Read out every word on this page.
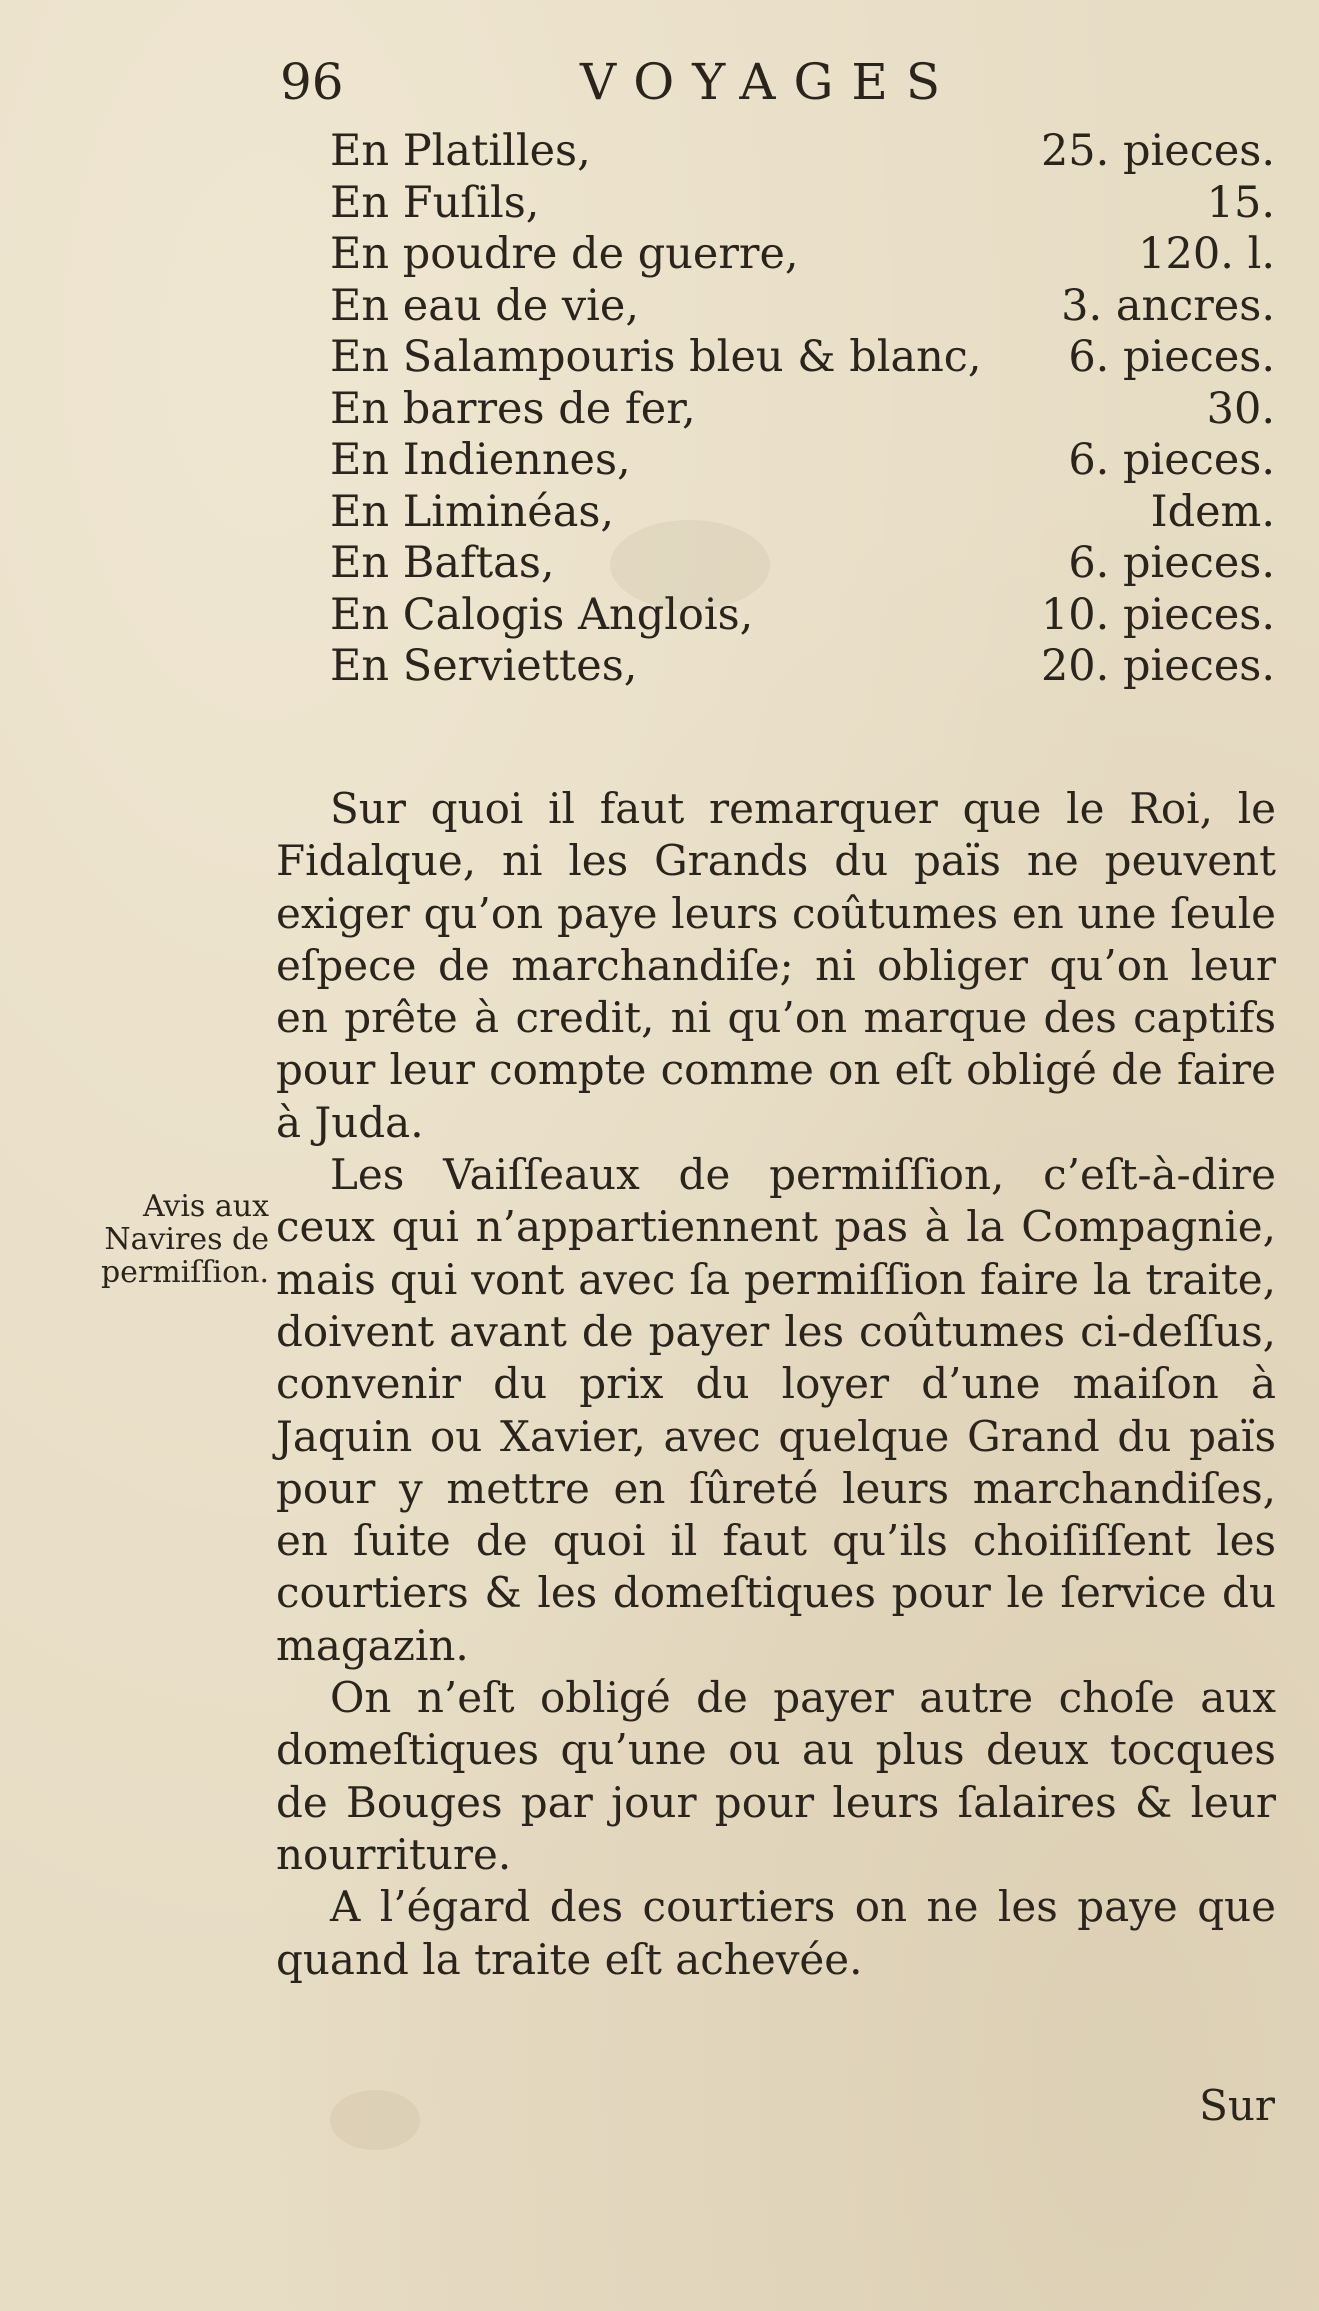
96	VOYAGES
En Platilles,	25. pieces.
En Fuſils,	15.
En poudre de guerre,	120. l.
En eau de vie,	3. ancres.
En Salampouris bleu & blanc, 6. pieces.
En barres de fer,	30.
En Indiennes,	6. pieces.
En Liminéas,	Idem.
En Baftas,	6. pieces.
En Calogis Anglois,	10. pieces.
En Serviettes,	20. pieces.
Avis aux
Navires de
permiſſion.

Sur quoi il faut remarquer que le Roi, le Fidalque, ni les Grands du païs ne peuvent exiger qu’on paye leurs coûtumes en une ſeule eſpece de marchandiſe; ni obliger qu’on leur en prête à credit, ni qu’on marque des captifs pour leur compte comme on eſt obligé de faire à Juda.

Les Vaiſſeaux de permiſſion, c’eſt-à-dire ceux qui n’appartiennent pas à la Compagnie, mais qui vont avec ſa permiſſion faire la traite, doivent avant de payer les coûtumes ci-deſſus, convenir du prix du loyer d’une maiſon à Jaquin ou Xavier, avec quelque Grand du païs pour y mettre en ſûreté leurs marchandiſes, en ſuite de quoi il faut qu’ils choiſiſſent les courtiers & les domeſtiques pour le ſervice du magazin.

On n’eſt obligé de payer autre choſe aux domeſtiques qu’une ou au plus deux tocques de Bouges par jour pour leurs ſalaires & leur nourriture.

A l’égard des courtiers on ne les paye que quand la traite eſt achevée.

Sur
